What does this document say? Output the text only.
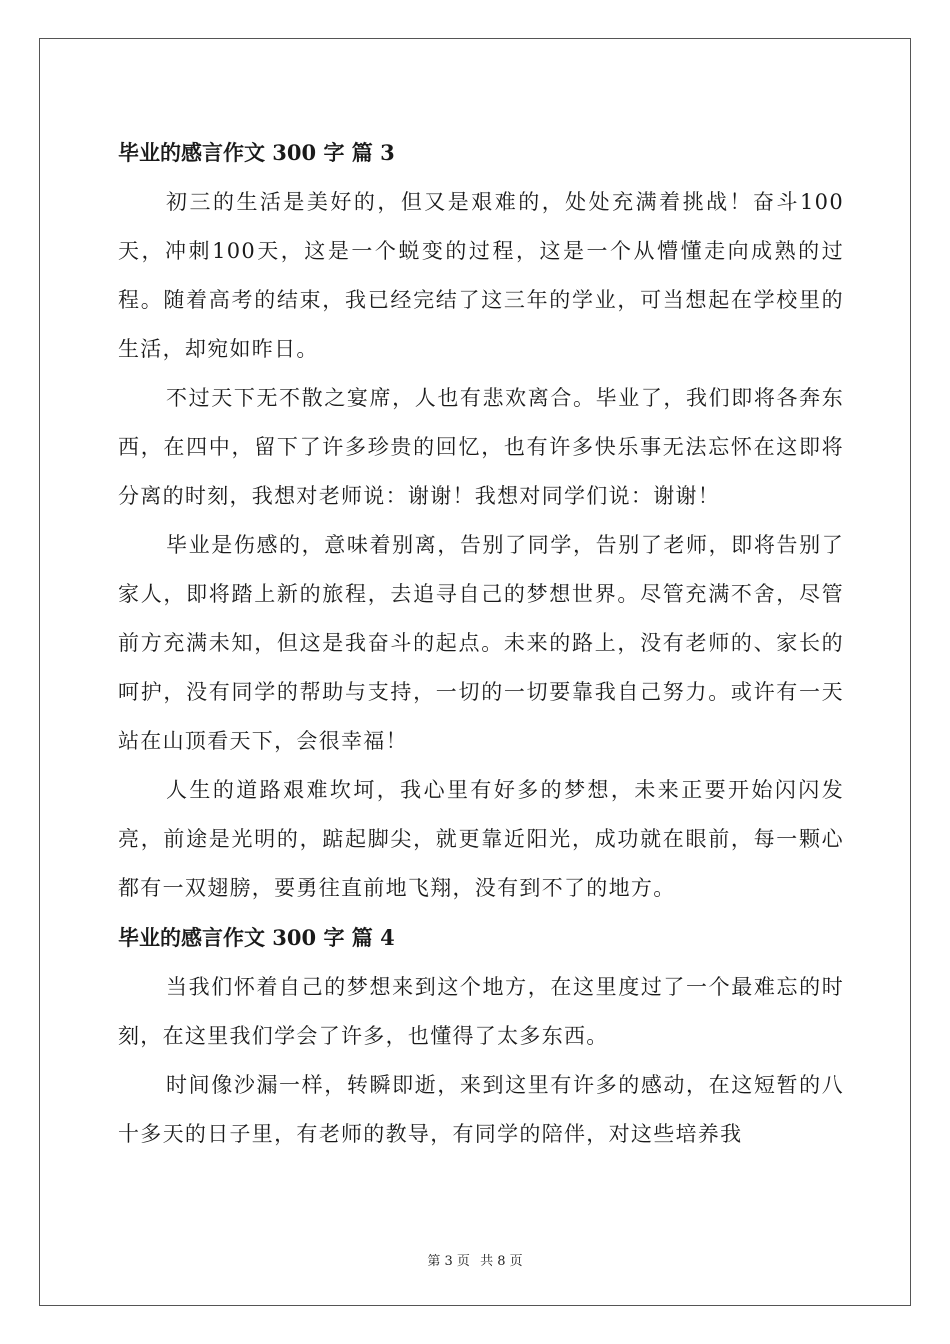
毕业的感言作文 300 字 篇 3

初三的生活是美好的，但又是艰难的，处处充满着挑战！奋斗100天，冲刺100天，这是一个蜕变的过程，这是一个从懵懂走向成熟的过程。随着高考的结束，我已经完结了这三年的学业，可当想起在学校里的生活，却宛如昨日。

不过天下无不散之宴席，人也有悲欢离合。毕业了，我们即将各奔东西，在四中，留下了许多珍贵的回忆，也有许多快乐事无法忘怀在这即将分离的时刻，我想对老师说：谢谢！我想对同学们说：谢谢！

毕业是伤感的，意味着别离，告别了同学，告别了老师，即将告别了家人，即将踏上新的旅程，去追寻自己的梦想世界。尽管充满不舍，尽管前方充满未知，但这是我奋斗的起点。未来的路上，没有老师的、家长的呵护，没有同学的帮助与支持，一切的一切要靠我自己努力。或许有一天站在山顶看天下，会很幸福！

人生的道路艰难坎坷，我心里有好多的梦想，未来正要开始闪闪发亮，前途是光明的，踮起脚尖，就更靠近阳光，成功就在眼前，每一颗心都有一双翅膀，要勇往直前地飞翔，没有到不了的地方。

毕业的感言作文 300 字 篇 4

当我们怀着自己的梦想来到这个地方，在这里度过了一个最难忘的时刻，在这里我们学会了许多，也懂得了太多东西。

时间像沙漏一样，转瞬即逝，来到这里有许多的感动，在这短暂的八十多天的日子里，有老师的教导，有同学的陪伴，对这些培养我

第 3 页 共 8 页
